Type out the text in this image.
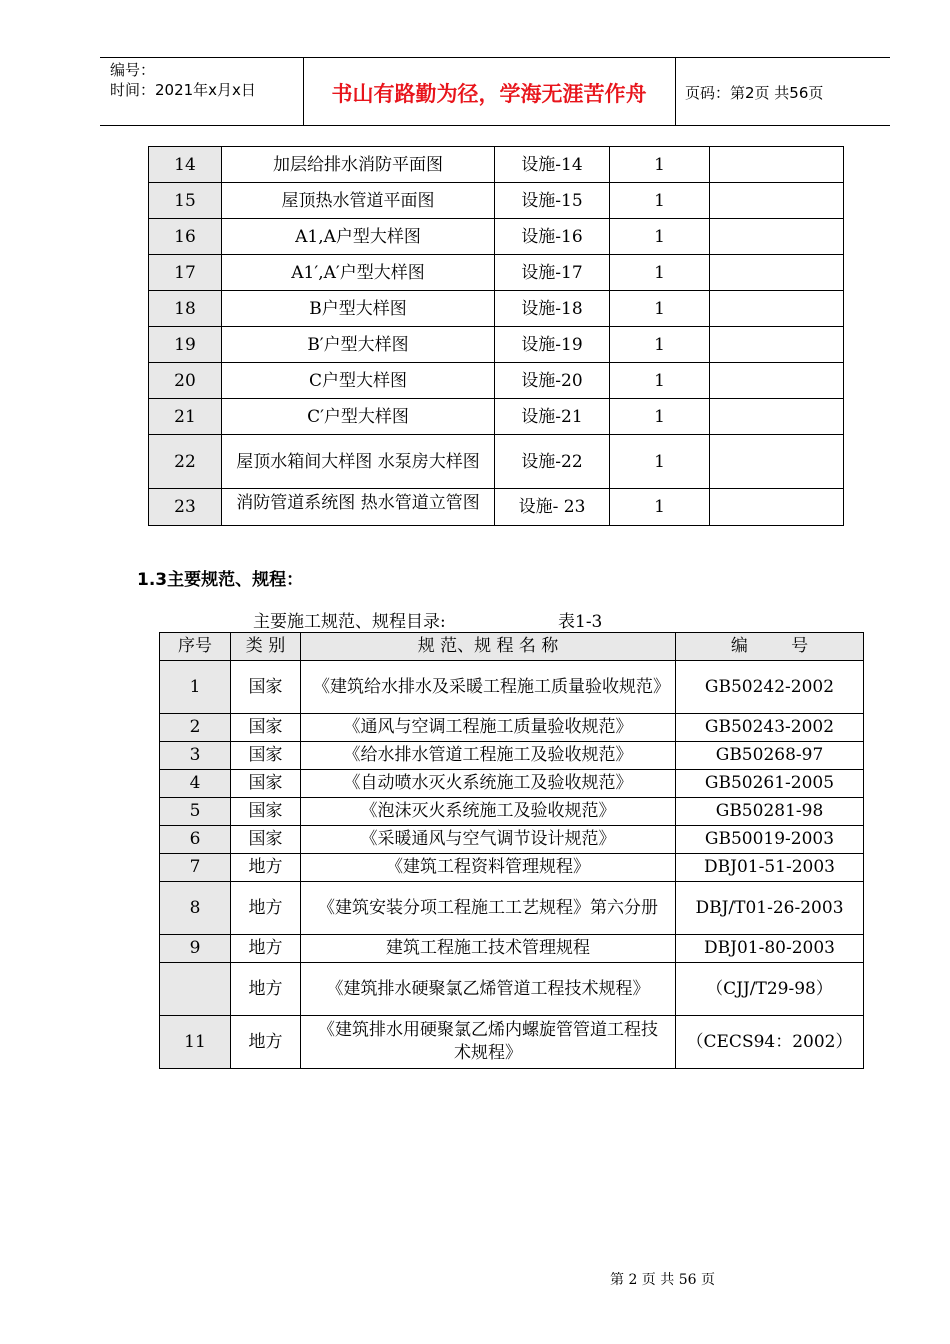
编号：
时间：2021年x月x日	书山有路勤为径，学海无涯苦作舟	页码：第2页 共56页
14	加层给排水消防平面图	设施-14	1	
15	屋顶热水管道平面图	设施-15	1	
16	A1,A户型大样图	设施-16	1	
17	A1′,A′户型大样图	设施-17	1	
18	B户型大样图	设施-18	1	
19	B′户型大样图	设施-19	1	
20	C户型大样图	设施-20	1	
21	C′户型大样图	设施-21	1	
22	屋顶水箱间大样图 水泵房大样图	设施-22	1	
23	消防管道系统图 热水管道立管图	设施- 23	1	
1.3主要规范、规程：
主要施工规范、规程目录:	表1-3
序号	类 别	规 范、规 程 名 称	编        号
1	国家	《建筑给水排水及采暖工程施工质量验收规范》	GB50242-2002
2	国家	《通风与空调工程施工质量验收规范》	GB50243-2002
3	国家	《给水排水管道工程施工及验收规范》	GB50268-97
4	国家	《自动喷水灭火系统施工及验收规范》	GB50261-2005
5	国家	《泡沫灭火系统施工及验收规范》	GB50281-98
6	国家	《采暖通风与空气调节设计规范》	GB50019-2003
7	地方	《建筑工程资料管理规程》	DBJ01-51-2003
8	地方	《建筑安装分项工程施工工艺规程》第六分册	DBJ/T01-26-2003
9	地方	建筑工程施工技术管理规程	DBJ01-80-2003
	地方	《建筑排水硬聚氯乙烯管道工程技术规程》	（CJJ/T29-98）
11	地方	《建筑排水用硬聚氯乙烯内螺旋管管道工程技术规程》	（CECS94：2002）
第 2 页 共 56 页
